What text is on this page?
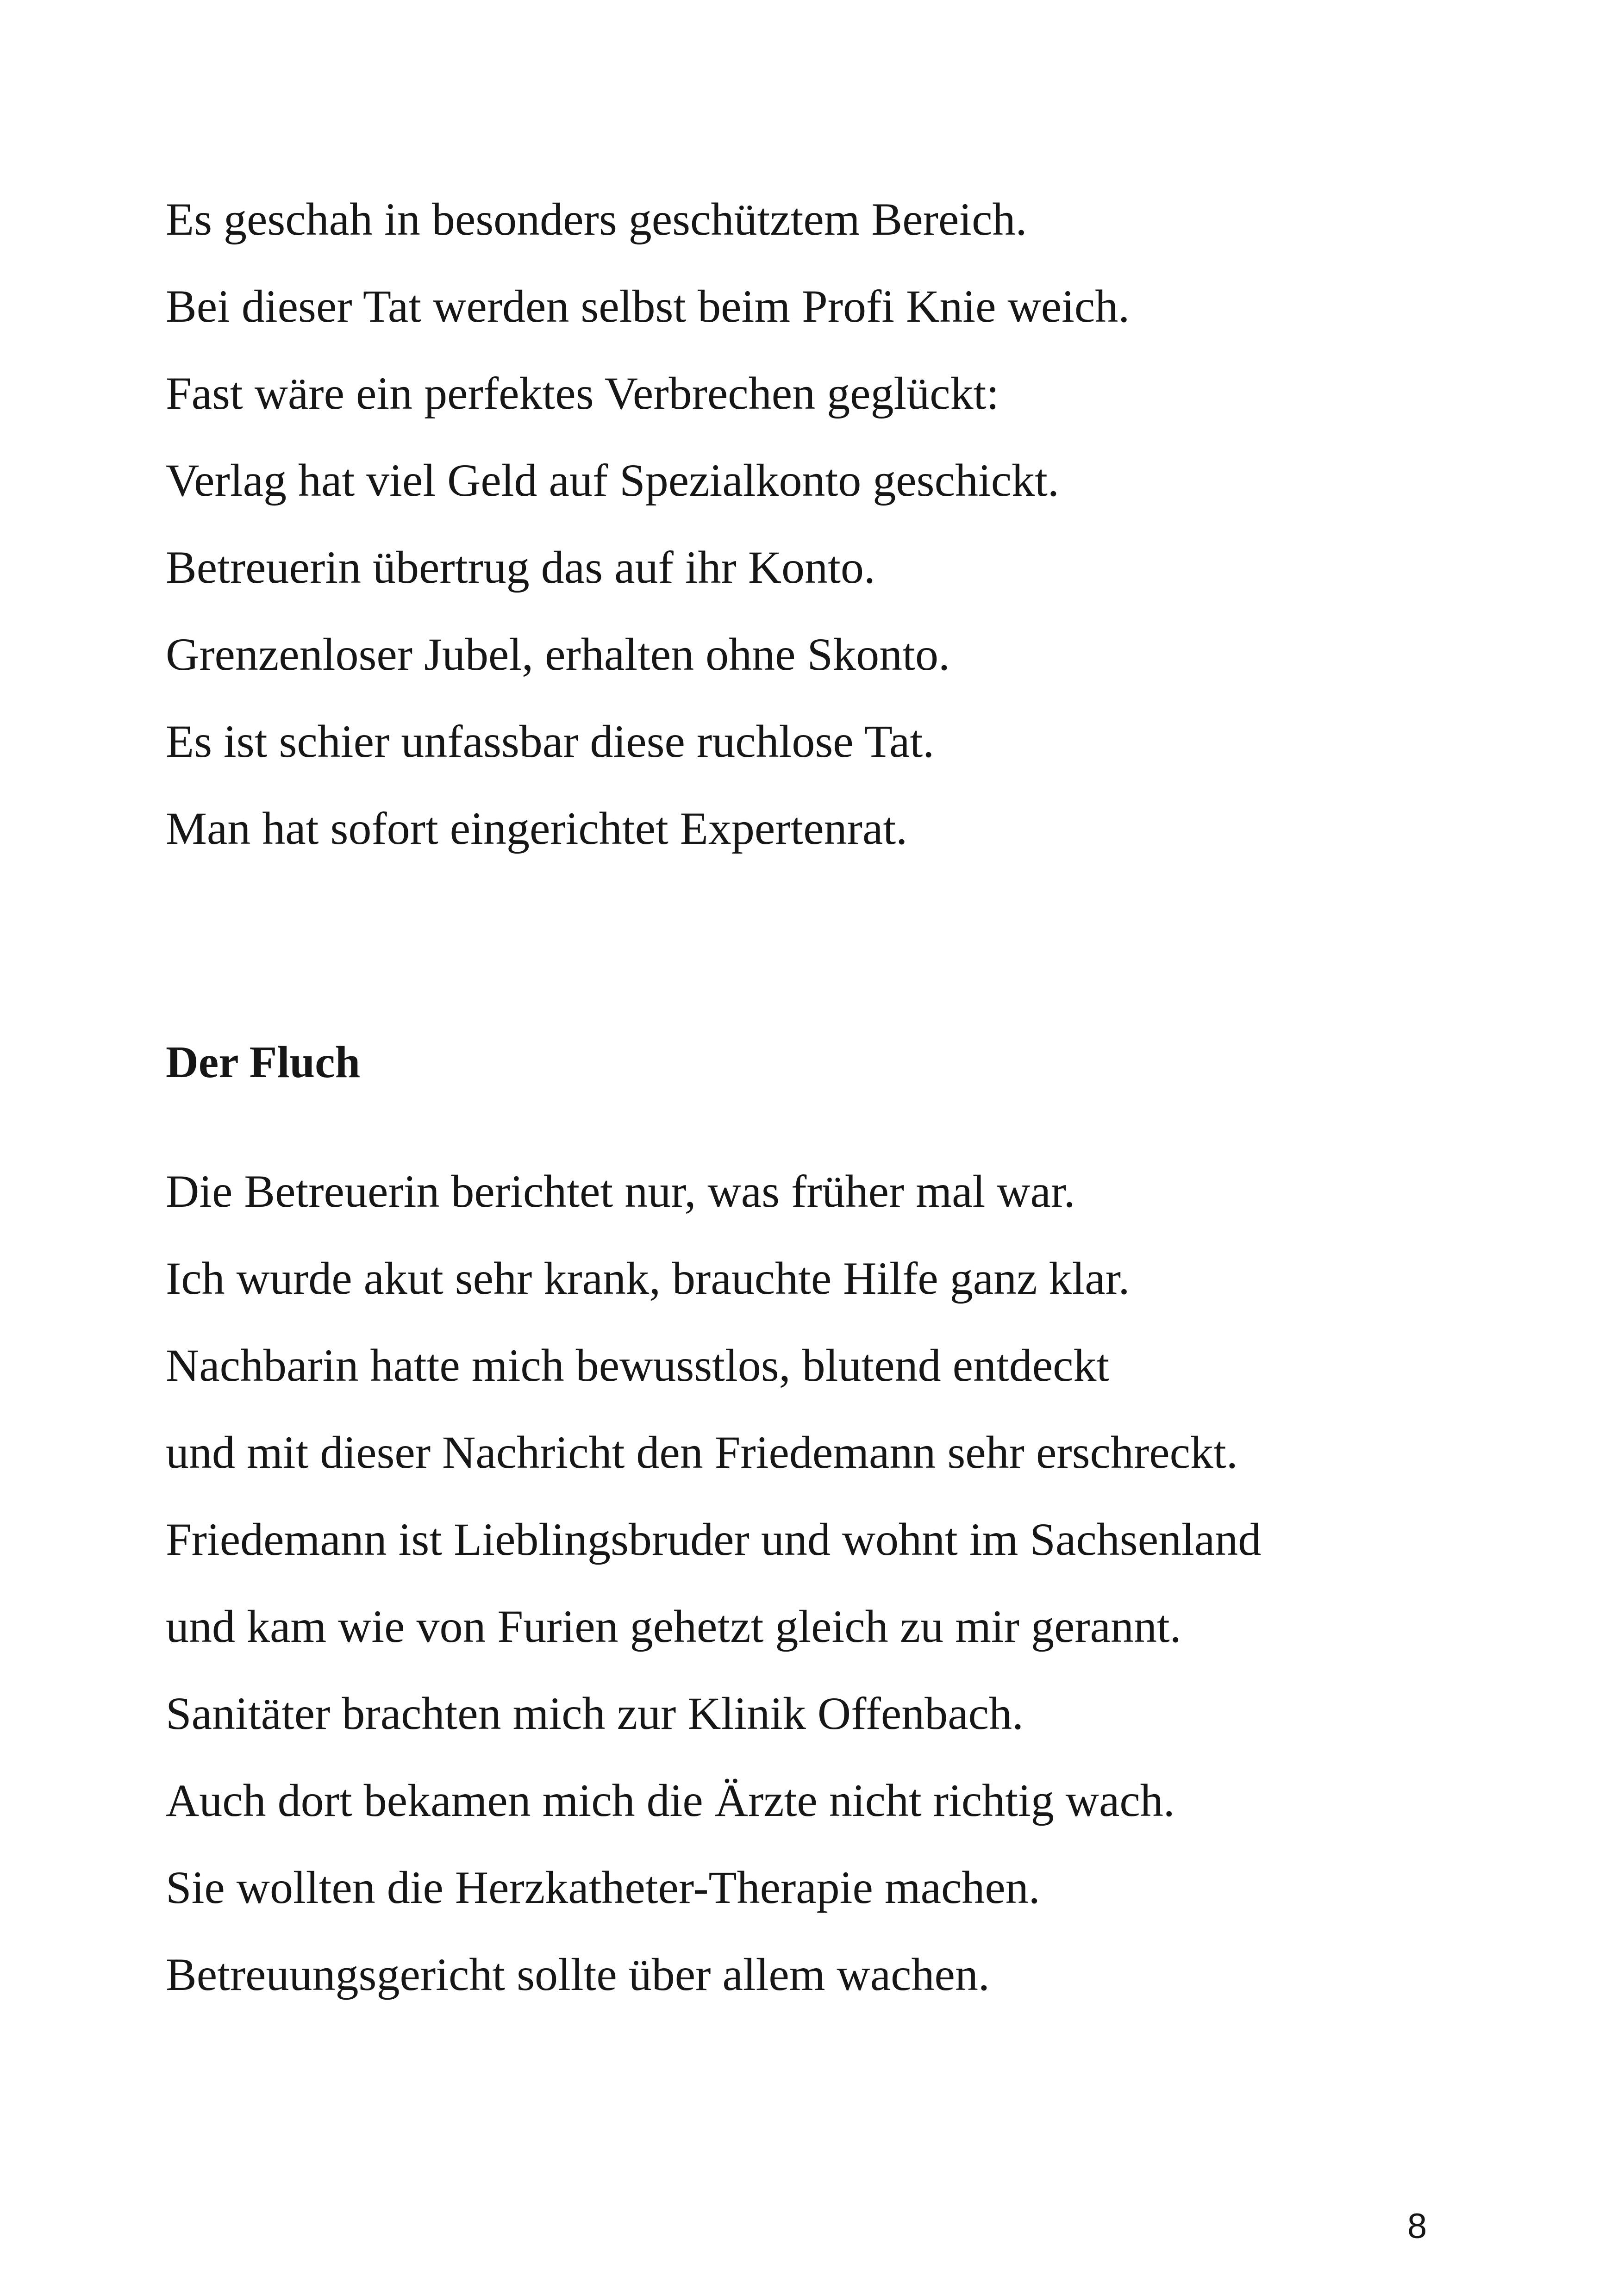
Es geschah in besonders geschütztem Bereich.
Bei dieser Tat werden selbst beim Profi Knie weich.
Fast wäre ein perfektes Verbrechen geglückt:
Verlag hat viel Geld auf Spezialkonto geschickt.
Betreuerin übertrug das auf ihr Konto.
Grenzenloser Jubel, erhalten ohne Skonto.
Es ist schier unfassbar diese ruchlose Tat.
Man hat sofort eingerichtet Expertenrat.
Der Fluch
Die Betreuerin berichtet nur, was früher mal war.
Ich wurde akut sehr krank, brauchte Hilfe ganz klar.
Nachbarin hatte mich bewusstlos, blutend entdeckt
und mit dieser Nachricht den Friedemann sehr erschreckt.
Friedemann ist Lieblingsbruder und wohnt im Sachsenland
und kam wie von Furien gehetzt gleich zu mir gerannt.
Sanitäter brachten mich zur Klinik Offenbach.
Auch dort bekamen mich die Ärzte nicht richtig wach.
Sie wollten die Herzkatheter-Therapie machen.
Betreuungsgericht sollte über allem wachen.
8
